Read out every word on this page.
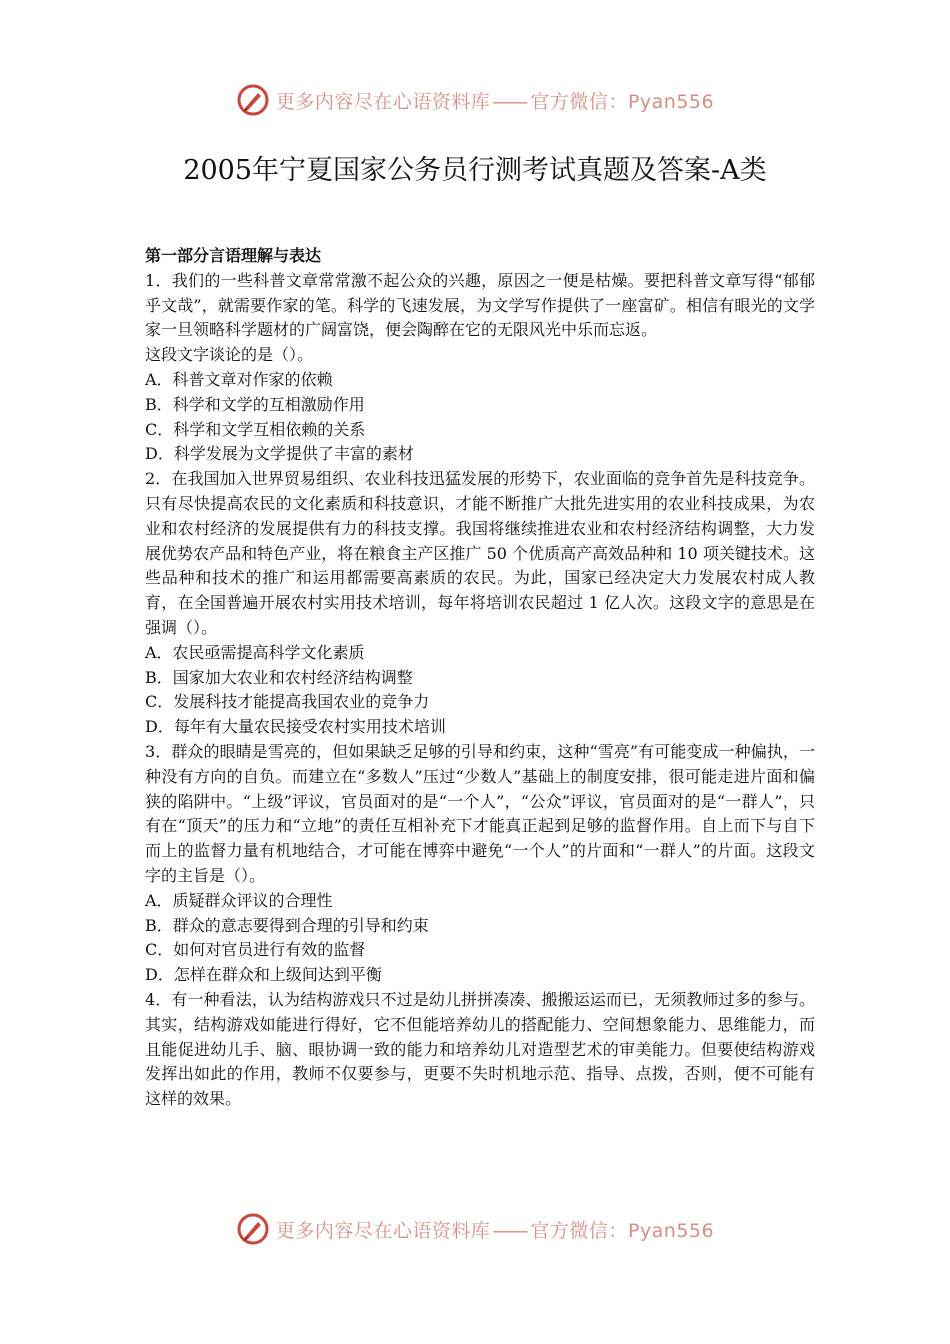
更多内容尽在心语资料库 —— 官方微信：Pyan556
2005年宁夏国家公务员行测考试真题及答案-A类
第一部分言语理解与表达

1．我们的一些科普文章常常激不起公众的兴趣，原因之一便是枯燥。要把科普文章写得“郁郁乎文哉”，就需要作家的笔。科学的飞速发展，为文学写作提供了一座富矿。相信有眼光的文学家一旦领略科学题材的广阔富饶，便会陶醉在它的无限风光中乐而忘返。

这段文字谈论的是（）。

A．科普文章对作家的依赖

B．科学和文学的互相激励作用

C．科学和文学互相依赖的关系

D．科学发展为文学提供了丰富的素材

2．在我国加入世界贸易组织、农业科技迅猛发展的形势下，农业面临的竞争首先是科技竞争。只有尽快提高农民的文化素质和科技意识，才能不断推广大批先进实用的农业科技成果，为农业和农村经济的发展提供有力的科技支撑。我国将继续推进农业和农村经济结构调整，大力发展优势农产品和特色产业，将在粮食主产区推广 50 个优质高产高效品种和 10 项关键技术。这些品种和技术的推广和运用都需要高素质的农民。为此，国家已经决定大力发展农村成人教育，在全国普遍开展农村实用技术培训，每年将培训农民超过 1 亿人次。这段文字的意思是在强调（）。

A．农民亟需提高科学文化素质

B．国家加大农业和农村经济结构调整

C．发展科技才能提高我国农业的竞争力

D．每年有大量农民接受农村实用技术培训

3．群众的眼睛是雪亮的，但如果缺乏足够的引导和约束，这种“雪亮”有可能变成一种偏执，一种没有方向的自负。而建立在“多数人”压过“少数人”基础上的制度安排，很可能走进片面和偏狭的陷阱中。“上级”评议，官员面对的是“一个人”，“公众”评议，官员面对的是“一群人”，只有在“顶天”的压力和“立地”的责任互相补充下才能真正起到足够的监督作用。自上而下与自下而上的监督力量有机地结合，才可能在博弈中避免“一个人”的片面和“一群人”的片面。这段文字的主旨是（）。

A．质疑群众评议的合理性

B．群众的意志要得到合理的引导和约束

C．如何对官员进行有效的监督

D．怎样在群众和上级间达到平衡

4．有一种看法，认为结构游戏只不过是幼儿拼拼凑凑、搬搬运运而已，无须教师过多的参与。其实，结构游戏如能进行得好，它不但能培养幼儿的搭配能力、空间想象能力、思维能力，而且能促进幼儿手、脑、眼协调一致的能力和培养幼儿对造型艺术的审美能力。但要使结构游戏发挥出如此的作用，教师不仅要参与，更要不失时机地示范、指导、点拨，否则，便不可能有这样的效果。

更多内容尽在心语资料库 —— 官方微信：Pyan556
